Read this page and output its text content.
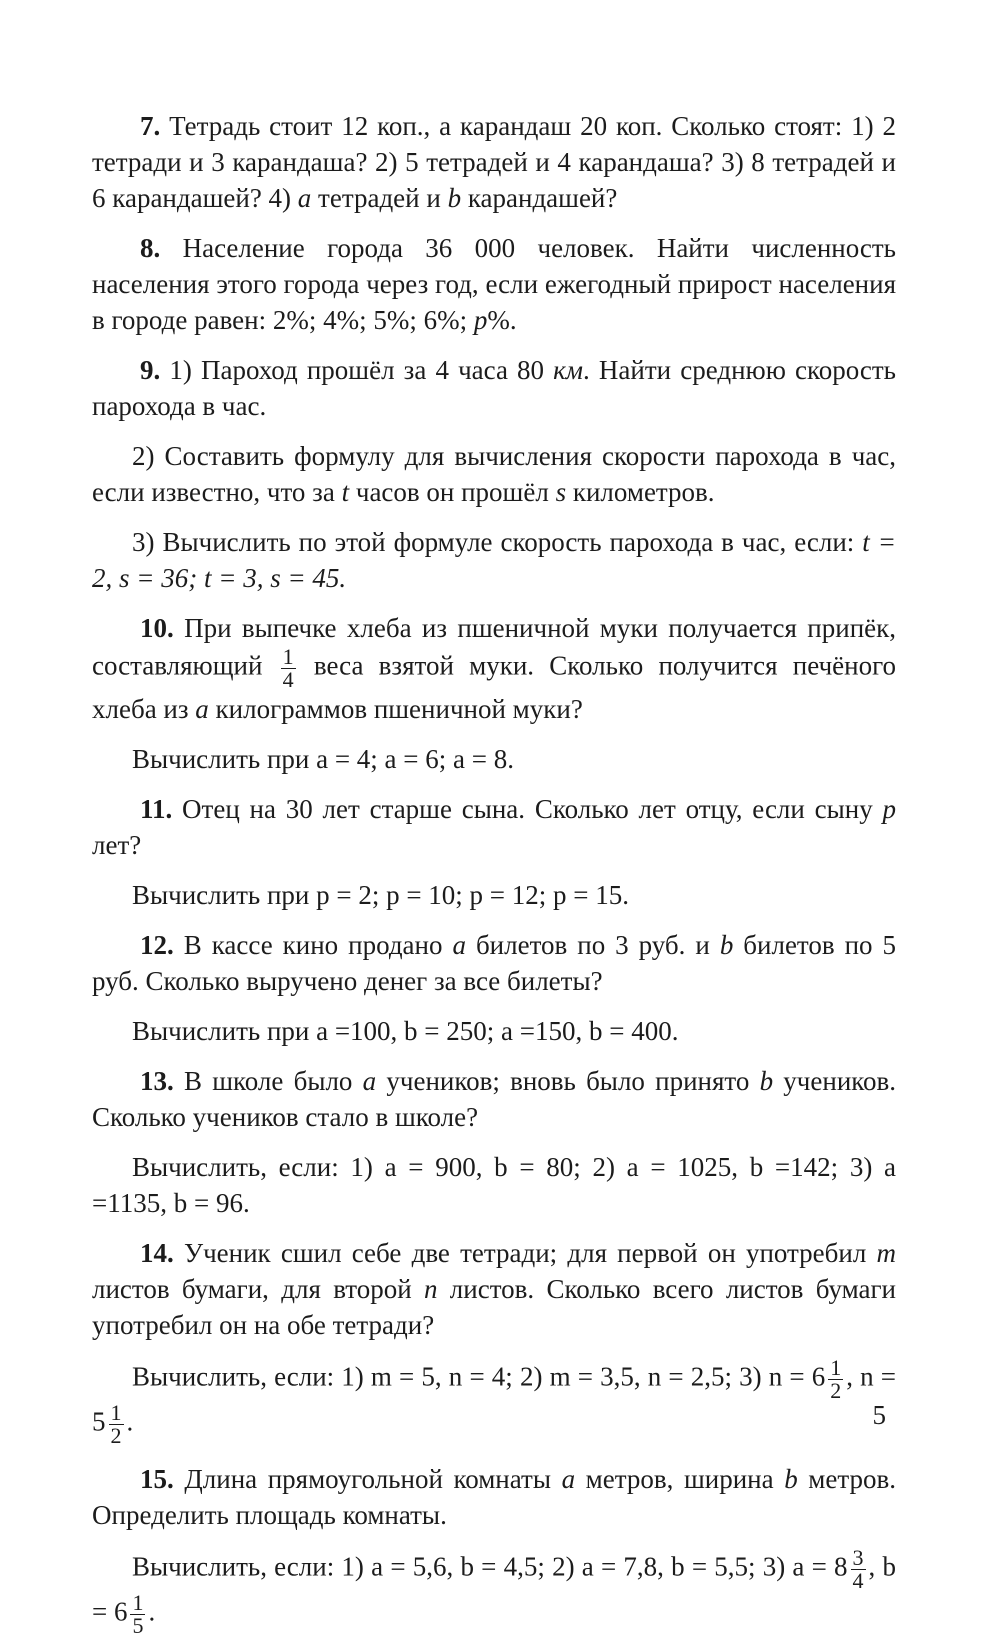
7. Тетрадь стоит 12 коп., а карандаш 20 коп. Сколько стоят: 1) 2 тетради и 3 карандаша? 2) 5 тетрадей и 4 карандаша? 3) 8 тетрадей и 6 карандашей? 4) a тетрадей и b карандашей?

8. Население города 36 000 человек. Найти численность населения этого города через год, если ежегодный прирост населения в городе равен: 2%; 4%; 5%; 6%; p%.

9. 1) Пароход прошёл за 4 часа 80 км. Найти среднюю скорость парохода в час.

2) Составить формулу для вычисления скорости парохода в час, если известно, что за t часов он прошёл s километров.

3) Вычислить по этой формуле скорость парохода в час, если: t = 2, s = 36; t = 3, s = 45.

10. При выпечке хлеба из пшеничной муки получается припёк, составляющий $\frac{1}{4}$ веса взятой муки. Сколько получится печёного хлеба из a килограммов пшеничной муки?

Вычислить при a = 4; a = 6; a = 8.

11. Отец на 30 лет старше сына. Сколько лет отцу, если сыну p лет?

Вычислить при p = 2; p = 10; p = 12; p = 15.

12. В кассе кино продано a билетов по 3 руб. и b билетов по 5 руб. Сколько выручено денег за все билеты?

Вычислить при a =100, b = 250; a =150, b = 400.

13. В школе было a учеников; вновь было принято b учеников. Сколько учеников стало в школе?

Вычислить, если: 1) a = 900, b = 80; 2) a = 1025, b =142; 3) a =1135, b = 96.

14. Ученик сшил себе две тетради; для первой он употребил m листов бумаги, для второй n листов. Сколько всего листов бумаги употребил он на обе тетради?

Вычислить, если: 1) m = 5, n = 4; 2) m = 3,5, n = 2,5; 3) $n = 6 \frac{1}{2}$ , $n = 5 \frac{1}{2}$ .

15. Длина прямоугольной комнаты a метров, ширина b метров. Определить площадь комнаты.

Вычислить, если: 1) a = 5,6, b = 4,5; 2) a = 7,8, b = 5,5; 3) $a = 8 \frac{3}{4}$ , $b = 6 \frac{1}{5}$ .

5
